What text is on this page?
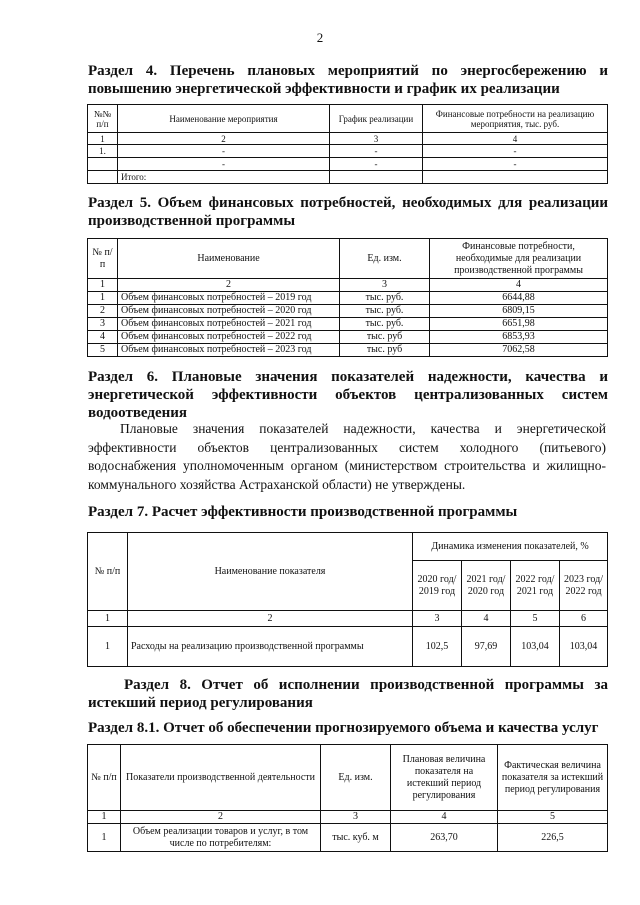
2
Раздел 4. Перечень плановых мероприятий по энергосбережению и повышению энергетической эффективности и график их реализации
№№ п/п	Наименование мероприятия	График реализации	Финансовые потребности на реализацию мероприятия, тыс. руб.
1	2	3	4
1.	-	-	-
	-	-	-
	Итого:		
Раздел 5. Объем финансовых потребностей, необходимых для реализации производственной программы
№ п/п	Наименование	Ед. изм.	Финансовые потребности, необходимые для реализации производственной программы
1	2	3	4
1	Объем финансовых потребностей – 2019 год	тыс. руб.	6644,88
2	Объем финансовых потребностей – 2020 год	тыс. руб.	6809,15
3	Объем финансовых потребностей – 2021 год	тыс. руб.	6651,98
4	Объем финансовых потребностей – 2022 год	тыс. руб	6853,93
5	Объем финансовых потребностей – 2023 год	тыс. руб	7062,58
Раздел 6. Плановые значения показателей надежности, качества и энергетической эффективности объектов централизованных систем водоотведения
Плановые значения показателей надежности, качества и энергетической эффективности объектов централизованных систем холодного (питьевого) водоснабжения уполномоченным органом (министерством строительства и жилищно-коммунального хозяйства Астраханской области) не утверждены.
Раздел 7. Расчет эффективности производственной программы
№ п/п	Наименование показателя	Динамика изменения показателей, %			
		2020 год/ 2019 год	2021 год/ 2020 год	2022 год/ 2021 год	2023 год/ 2022 год
1	2	3	4	5	6
1	Расходы на реализацию производственной программы	102,5	97,69	103,04	103,04
Раздел 8. Отчет об исполнении производственной программы за истекший период регулирования
Раздел 8.1. Отчет об обеспечении прогнозируемого объема и качества услуг
№ п/п	Показатели производственной деятельности	Ед. изм.	Плановая величина показателя на истекший период регулирования	Фактическая величина показателя за истекший период регулирования
1	2	3	4	5
1	Объем реализации товаров и услуг, в том числе по потребителям:	тыс. куб. м	263,70	226,5
